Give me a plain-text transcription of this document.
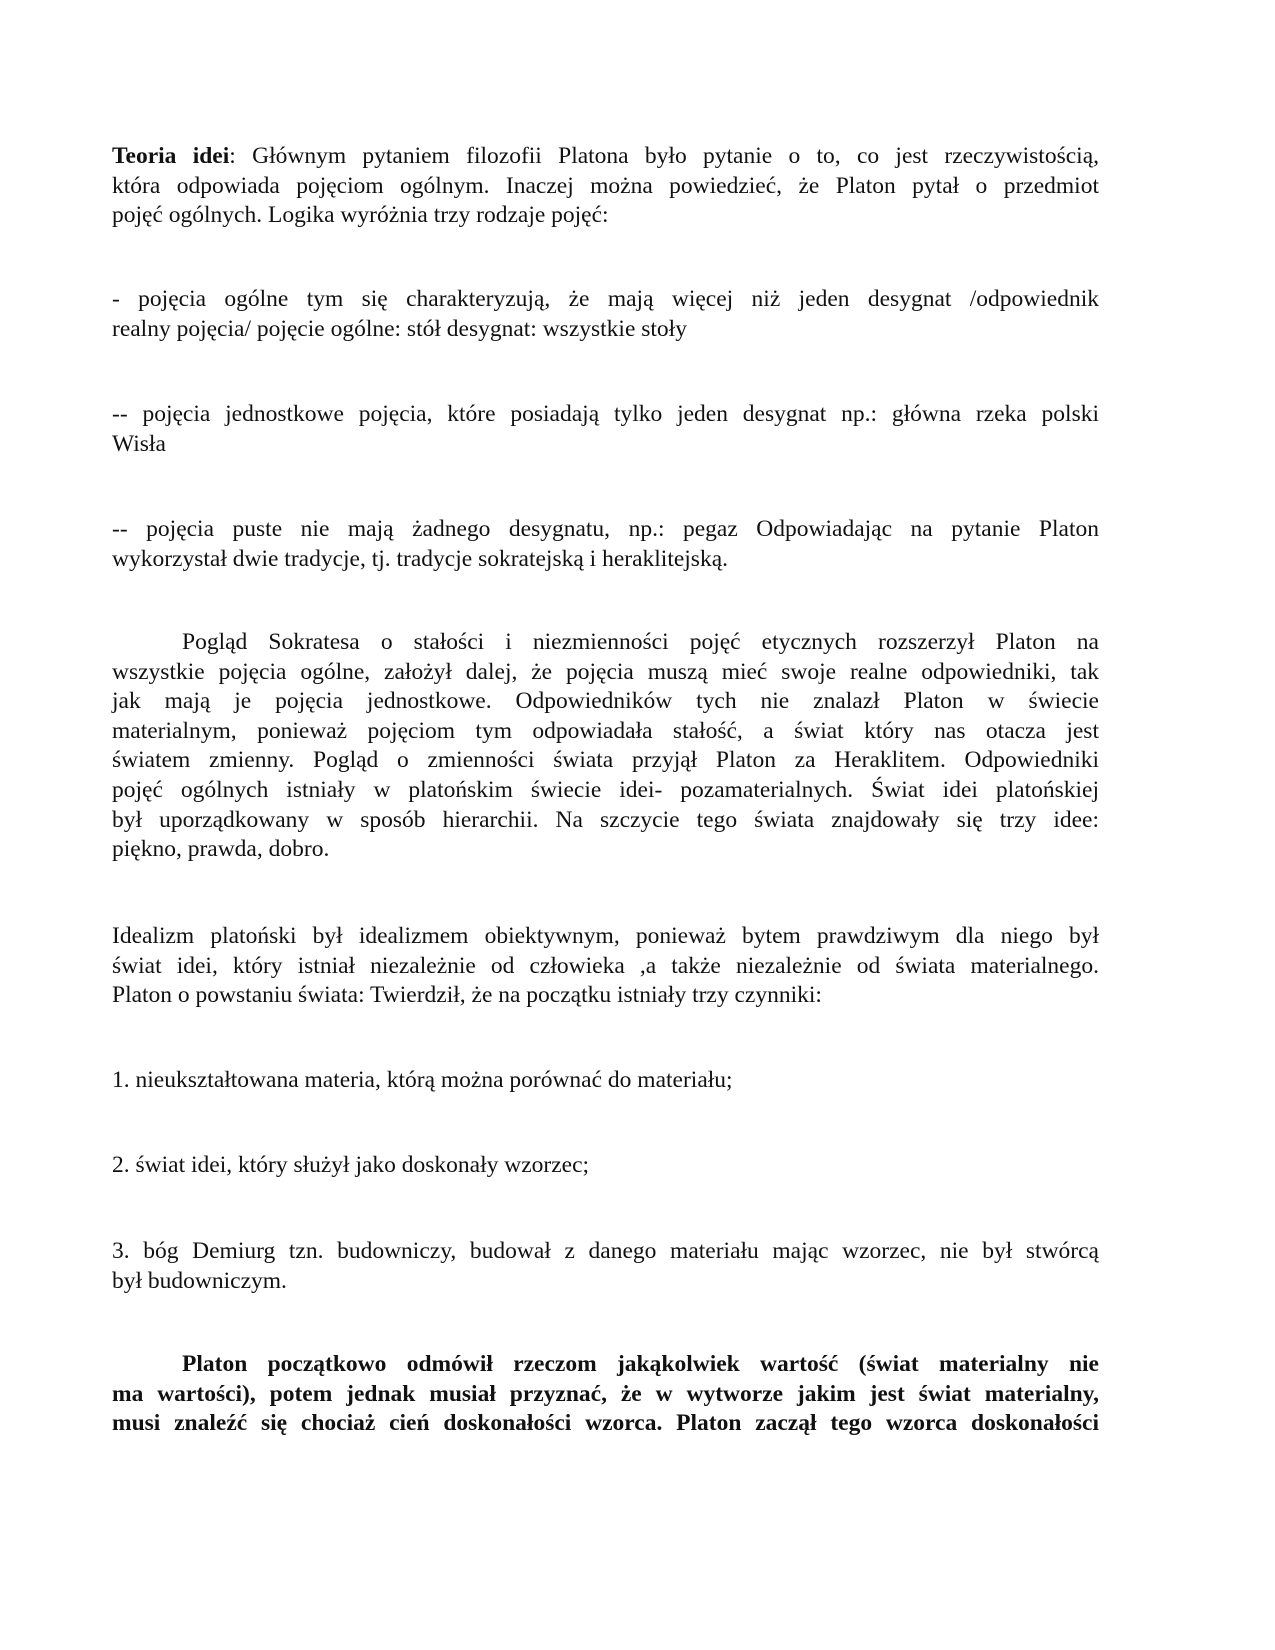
Teoria idei: Głównym pytaniem filozofii Platona było pytanie o to, co jest rzeczywistością,
która odpowiada pojęciom ogólnym. Inaczej można powiedzieć, że Platon pytał o przedmiot
pojęć ogólnych. Logika wyróżnia trzy rodzaje pojęć:
- pojęcia ogólne tym się charakteryzują, że mają więcej niż jeden desygnat /odpowiednik
realny pojęcia/ pojęcie ogólne: stół desygnat: wszystkie stoły
-- pojęcia jednostkowe pojęcia, które posiadają tylko jeden desygnat np.: główna rzeka polski
Wisła
-- pojęcia puste nie mają żadnego desygnatu, np.: pegaz Odpowiadając na pytanie Platon
wykorzystał dwie tradycje, tj. tradycje sokratejską i heraklitejską.
Pogląd Sokratesa o stałości i niezmienności pojęć etycznych rozszerzył Platon na
wszystkie pojęcia ogólne, założył dalej, że pojęcia muszą mieć swoje realne odpowiedniki, tak
jak mają je pojęcia jednostkowe. Odpowiedników tych nie znalazł Platon w świecie
materialnym, ponieważ pojęciom tym odpowiadała stałość, a świat który nas otacza jest
światem zmienny. Pogląd o zmienności świata przyjął Platon za Heraklitem. Odpowiedniki
pojęć ogólnych istniały w platońskim świecie idei- pozamaterialnych. Świat idei platońskiej
był uporządkowany w sposób hierarchii. Na szczycie tego świata znajdowały się trzy idee:
piękno, prawda, dobro.
Idealizm platoński był idealizmem obiektywnym, ponieważ bytem prawdziwym dla niego był
świat idei, który istniał niezależnie od człowieka ,a także niezależnie od świata materialnego.
Platon o powstaniu świata: Twierdził, że na początku istniały trzy czynniki:
1. nieukształtowana materia, którą można porównać do materiału;
2. świat idei, który służył jako doskonały wzorzec;
3. bóg Demiurg tzn. budowniczy, budował z danego materiału mając wzorzec, nie był stwórcą
był budowniczym.
Platon początkowo odmówił rzeczom jakąkolwiek wartość (świat materialny nie
ma wartości), potem jednak musiał przyznać, że w wytworze jakim jest świat materialny,
musi znaleźć się chociaż cień doskonałości wzorca. Platon zaczął tego wzorca doskonałości
